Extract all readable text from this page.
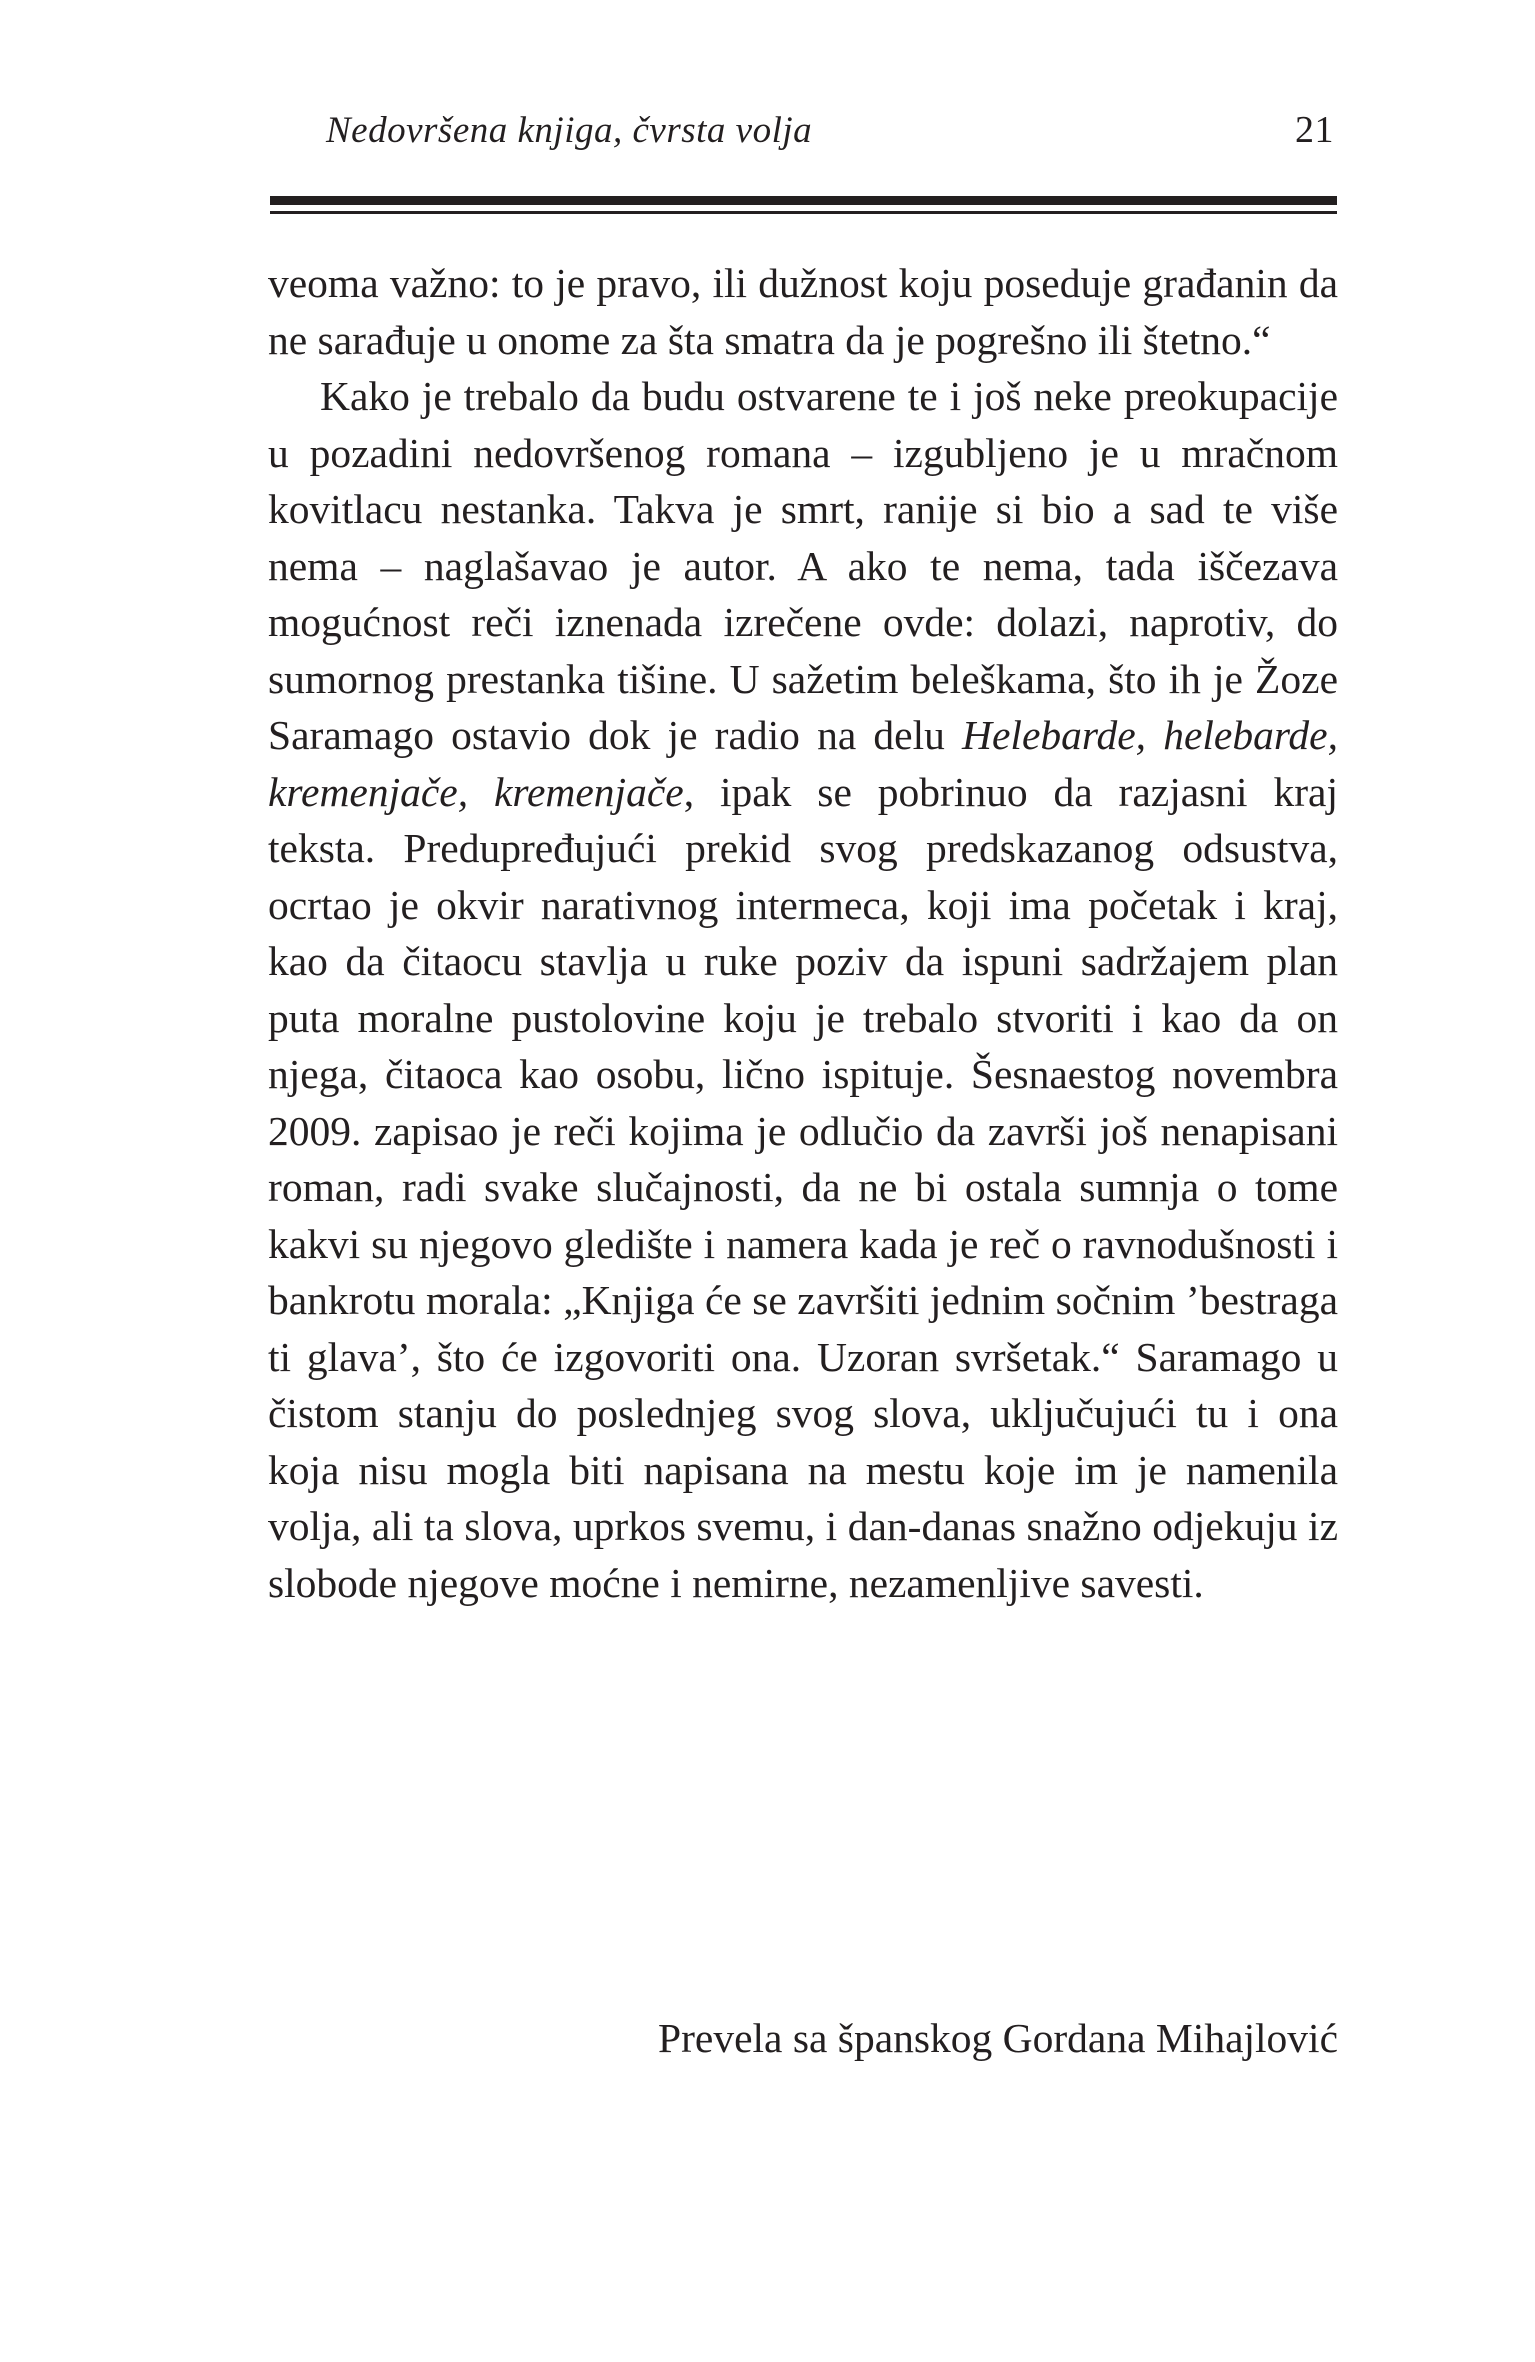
Nedovršena knjiga, čvrsta volja	21

veoma važno: to je pravo, ili dužnost koju poseduje građanin da ne sarađuje u onome za šta smatra da je pogrešno ili štetno.“

Kako je trebalo da budu ostvarene te i još neke preokupacije u pozadini nedovršenog romana – izgubljeno je u mračnom kovitlacu nestanka. Takva je smrt, ranije si bio a sad te više nema – naglašavao je autor. A ako te nema, tada iščezava mogućnost reči iznenada izrečene ovde: dolazi, naprotiv, do sumornog prestanka tišine. U sažetim beleškama, što ih je Žoze Saramago ostavio dok je radio na delu Helebarde, helebarde, kremenjače, kremenjače, ipak se pobrinuo da razjasni kraj teksta. Predupređujući prekid svog predskazanog odsustva, ocrtao je okvir narativnog intermeca, koji ima početak i kraj, kao da čitaocu stavlja u ruke poziv da ispuni sadržajem plan puta moralne pustolovine koju je trebalo stvoriti i kao da on njega, čitaoca kao osobu, lično ispituje. Šesnaestog novembra 2009. zapisao je reči kojima je odlučio da završi još nenapisani roman, radi svake slučajnosti, da ne bi ostala sumnja o tome kakvi su njegovo gledište i namera kada je reč o ravnodušnosti i bankrotu morala: „Knjiga će se završiti jednim sočnim ’bestraga ti glava’, što će izgovoriti ona. Uzoran svršetak.“ Saramago u čistom stanju do poslednjeg svog slova, uključujući tu i ona koja nisu mogla biti napisana na mestu koje im je namenila volja, ali ta slova, uprkos svemu, i dan-danas snažno odjekuju iz slobode njegove moćne i nemirne, nezamenljive savesti.

Prevela sa španskog Gordana Mihajlović
